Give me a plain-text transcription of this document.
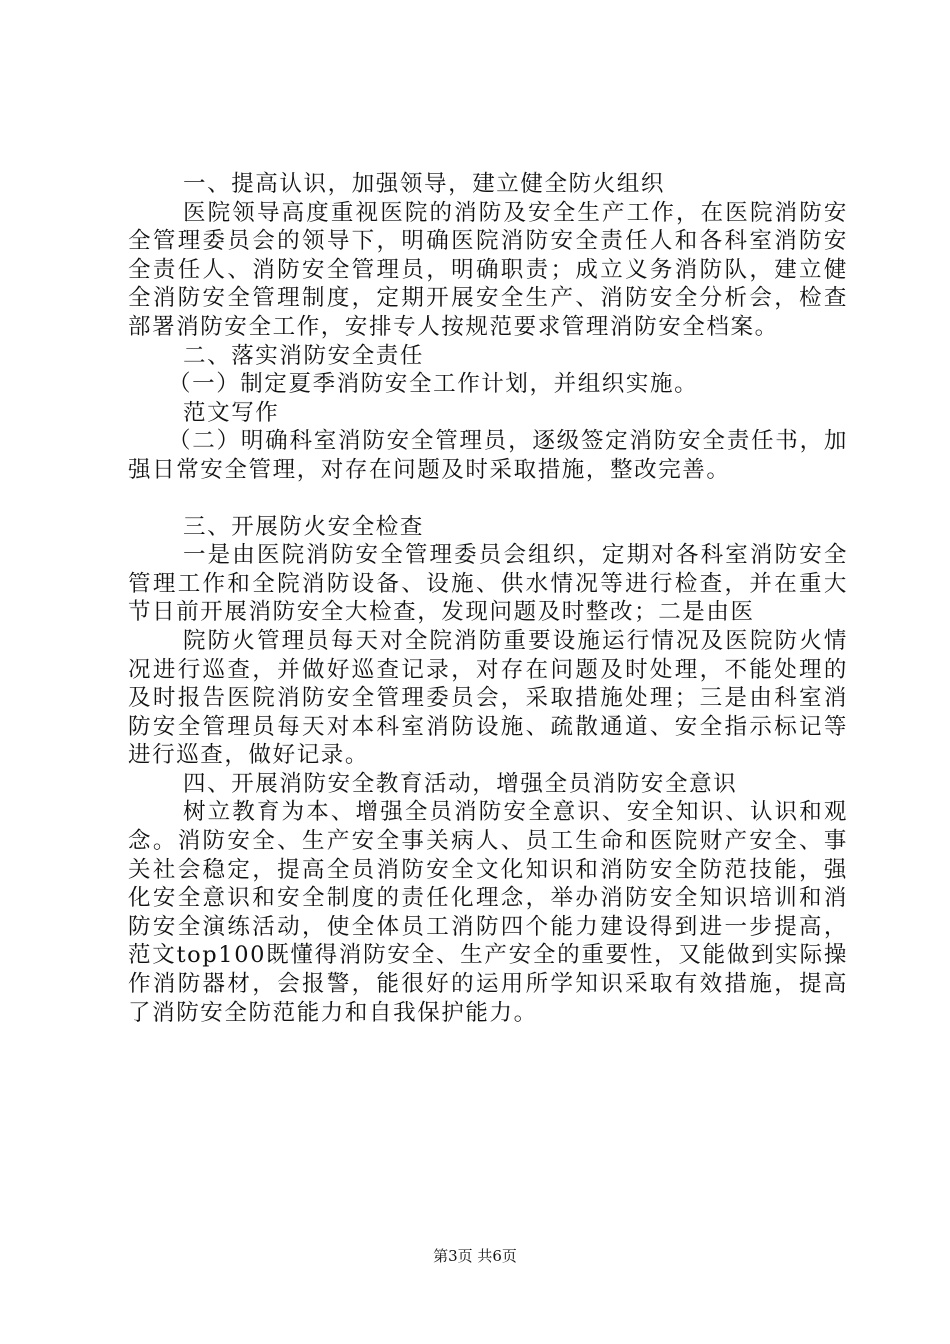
一、提高认识，加强领导，建立健全防火组织

医院领导高度重视医院的消防及安全生产工作，在医院消防安全管理委员会的领导下，明确医院消防安全责任人和各科室消防安全责任人、消防安全管理员，明确职责；成立义务消防队，建立健全消防安全管理制度，定期开展安全生产、消防安全分析会，检查部署消防安全工作，安排专人按规范要求管理消防安全档案。

二、落实消防安全责任

（一）制定夏季消防安全工作计划，并组织实施。

范文写作

（二）明确科室消防安全管理员，逐级签定消防安全责任书，加强日常安全管理，对存在问题及时采取措施，整改完善。

三、开展防火安全检查

一是由医院消防安全管理委员会组织，定期对各科室消防安全管理工作和全院消防设备、设施、供水情况等进行检查，并在重大节日前开展消防安全大检查，发现问题及时整改；二是由医

院防火管理员每天对全院消防重要设施运行情况及医院防火情况进行巡查，并做好巡查记录，对存在问题及时处理，不能处理的及时报告医院消防安全管理委员会，采取措施处理；三是由科室消防安全管理员每天对本科室消防设施、疏散通道、安全指示标记等进行巡查，做好记录。

四、开展消防安全教育活动，增强全员消防安全意识

树立教育为本、增强全员消防安全意识、安全知识、认识和观念。消防安全、生产安全事关病人、员工生命和医院财产安全、事关社会稳定，提高全员消防安全文化知识和消防安全防范技能，强化安全意识和安全制度的责任化理念，举办消防安全知识培训和消防安全演练活动，使全体员工消防四个能力建设得到进一步提高，范文top100既懂得消防安全、生产安全的重要性，又能做到实际操作消防器材，会报警，能很好的运用所学知识采取有效措施，提高了消防安全防范能力和自我保护能力。

第3页 共6页
